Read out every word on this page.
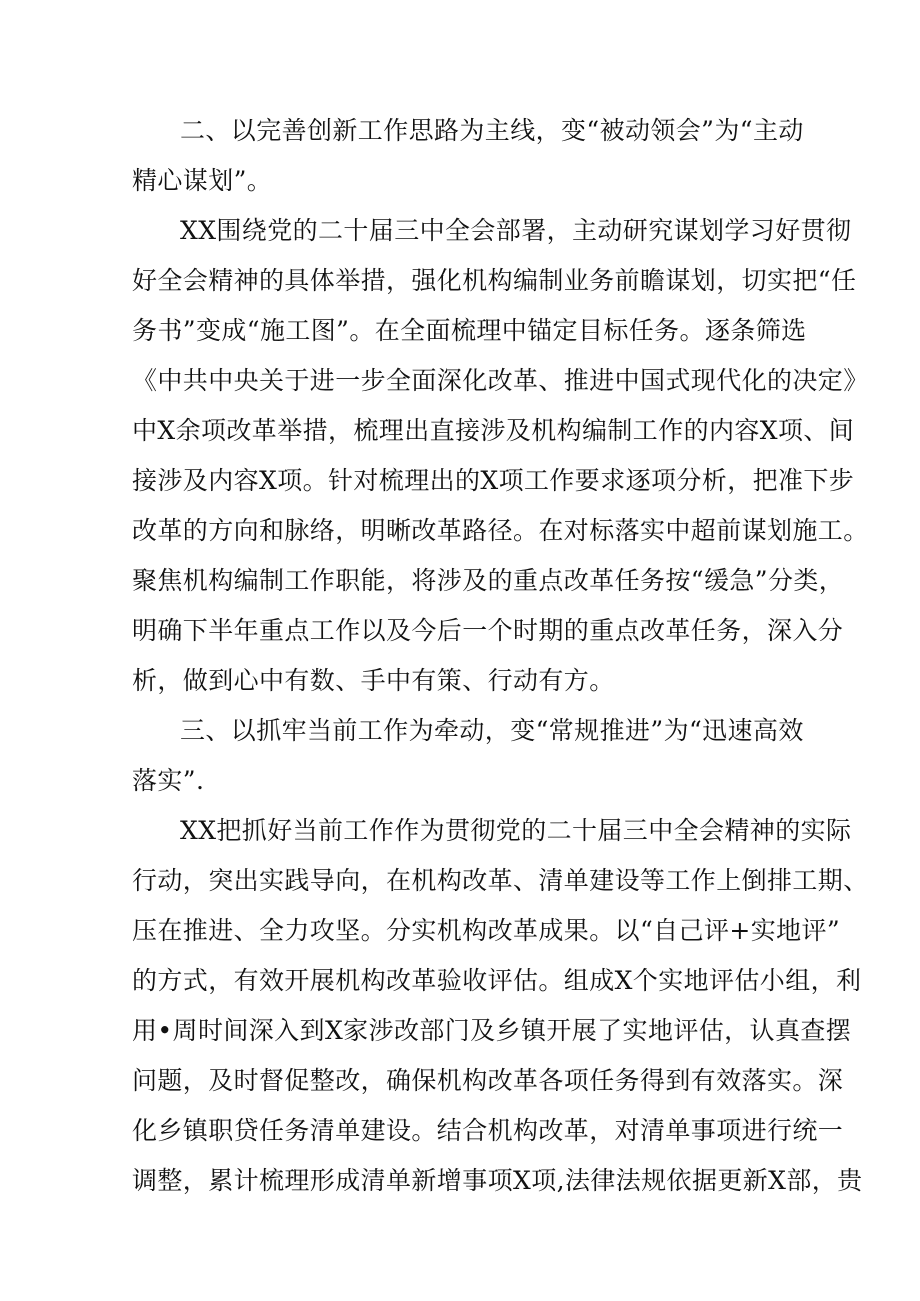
二、以完善创新工作思路为主线，变“被动领会”为“主动
精心谋划”。
XX围绕党的二十届三中全会部署，主动研究谋划学习好贯彻
好全会精神的具体举措，强化机构编制业务前瞻谋划，切实把“任
务书”变成“施工图”。在全面梳理中锚定目标任务。逐条筛选
《中共中央关于进一步全面深化改革、推进中国式现代化的决定》
中X余项改革举措，梳理出直接涉及机构编制工作的内容X项、间
接涉及内容X项。针对梳理出的X项工作要求逐项分析，把准下步
改革的方向和脉络，明晰改革路径。在对标落实中超前谋划施工。
聚焦机构编制工作职能，将涉及的重点改革任务按“缓急”分类，
明确下半年重点工作以及今后一个时期的重点改革任务，深入分
析，做到心中有数、手中有策、行动有方。
三、以抓牢当前工作为牵动，变“常规推进”为“迅速高效
落实”.
XX把抓好当前工作作为贯彻党的二十届三中全会精神的实际
行动，突出实践导向，在机构改革、清单建设等工作上倒排工期、
压在推进、全力攻坚。分实机构改革成果。以“自己评+实地评”
的方式，有效开展机构改革验收评估。组成X个实地评估小组，利
用•周时间深入到X家涉改部门及乡镇开展了实地评估，认真查摆
问题，及时督促整改，确保机构改革各项任务得到有效落实。深
化乡镇职贷任务清单建设。结合机构改革，对清单事项进行统一
调整，累计梳理形成清单新增事项X项,法律法规依据更新X部，贵
